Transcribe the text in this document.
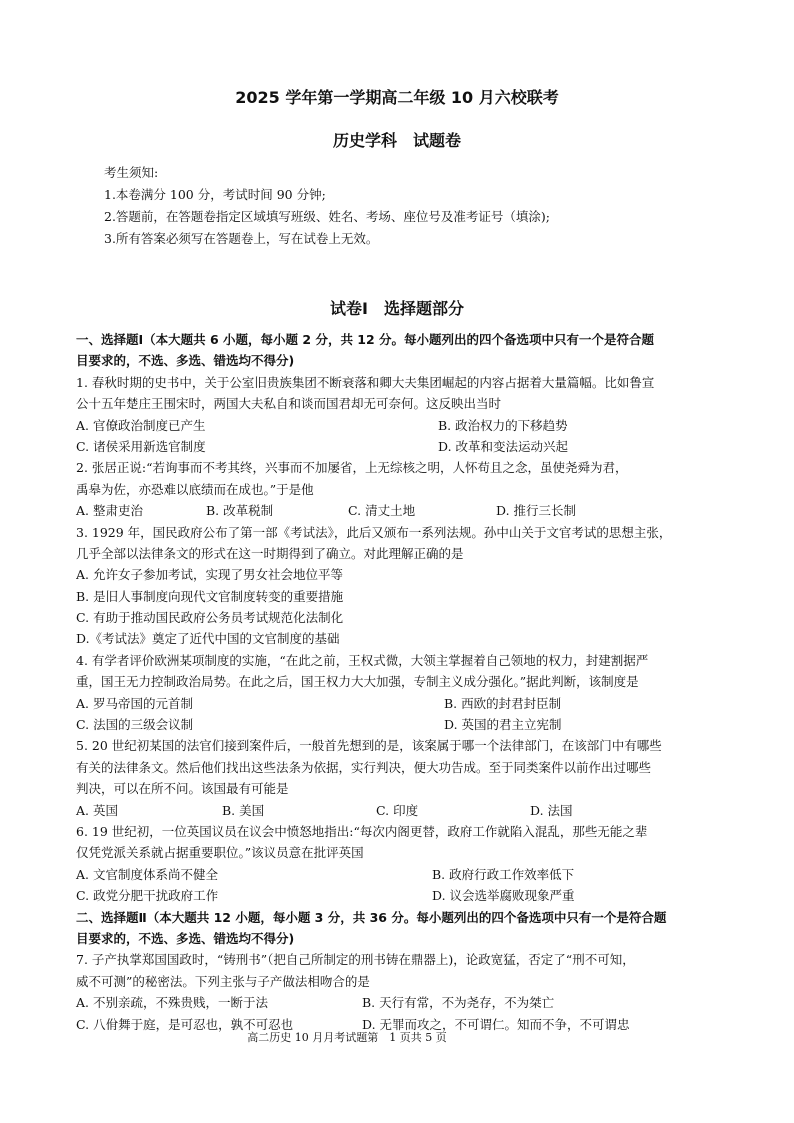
2025 学年第一学期高二年级 10 月六校联考
历史学科　试题卷
考生须知:
1.本卷满分 100 分，考试时间 90 分钟;
2.答题前，在答题卷指定区域填写班级、姓名、考场、座位号及准考证号（填涂);
3.所有答案必须写在答题卷上，写在试卷上无效。
试卷Ⅰ　选择题部分
一、选择题Ⅰ（本大题共 6 小题，每小题 2 分，共 12 分。每小题列出的四个备选项中只有一个是符合题
目要求的，不选、多选、错选均不得分)
1. 春秋时期的史书中，关于公室旧贵族集团不断衰落和卿大夫集团崛起的内容占据着大量篇幅。比如鲁宣
公十五年楚庄王围宋时，两国大夫私自和谈而国君却无可奈何。这反映出当时
A. 官僚政治制度已产生	B. 政治权力的下移趋势
C. 诸侯采用新选官制度	D. 改革和变法运动兴起
2. 张居正说:“若询事而不考其终，兴事而不加屡省，上无综核之明，人怀苟且之念，虽使尧舜为君，
禹皋为佐，亦恐难以底绩而在成也。”于是他
A. 整肃吏治	B. 改革税制	C. 清丈土地	D. 推行三长制
3. 1929 年，国民政府公布了第一部《考试法》，此后又颁布一系列法规。孙中山关于文官考试的思想主张，
几乎全部以法律条文的形式在这一时期得到了确立。对此理解正确的是
A. 允许女子参加考试，实现了男女社会地位平等
B. 是旧人事制度向现代文官制度转变的重要措施
C. 有助于推动国民政府公务员考试规范化法制化
D.《考试法》奠定了近代中国的文官制度的基础
4. 有学者评价欧洲某项制度的实施，“在此之前，王权式微，大领主掌握着自己领地的权力，封建割据严
重，国王无力控制政治局势。在此之后，国王权力大大加强，专制主义成分强化。”据此判断，该制度是
A. 罗马帝国的元首制	B. 西欧的封君封臣制
C. 法国的三级会议制	D. 英国的君主立宪制
5. 20 世纪初某国的法官们接到案件后，一般首先想到的是，该案属于哪一个法律部门，在该部门中有哪些
有关的法律条文。然后他们找出这些法条为依据，实行判决，便大功告成。至于同类案件以前作出过哪些
判决，可以在所不问。该国最有可能是
A. 英国	B. 美国	C. 印度	D. 法国
6. 19 世纪初，一位英国议员在议会中愤怒地指出:“每次内阁更替，政府工作就陷入混乱，那些无能之辈
仅凭党派关系就占据重要职位。”该议员意在批评英国
A. 文官制度体系尚不健全	B. 政府行政工作效率低下
C. 政党分肥干扰政府工作	D. 议会选举腐败现象严重
二、选择题Ⅱ（本大题共 12 小题，每小题 3 分，共 36 分。每小题列出的四个备选项中只有一个是符合题
目要求的，不选、多选、错选均不得分)
7. 子产执掌郑国国政时，“铸刑书”（把自己所制定的刑书铸在鼎器上)，论政宽猛，否定了“刑不可知，
威不可测”的秘密法。下列主张与子产做法相吻合的是
A. 不别亲疏，不殊贵贱，一断于法	B. 天行有常，不为尧存，不为桀亡
C. 八佾舞于庭，是可忍也，孰不可忍也	D. 无罪而攻之，不可谓仁。知而不争，不可谓忠
高二历史 10 月月考试题第　1 页共 5 页
